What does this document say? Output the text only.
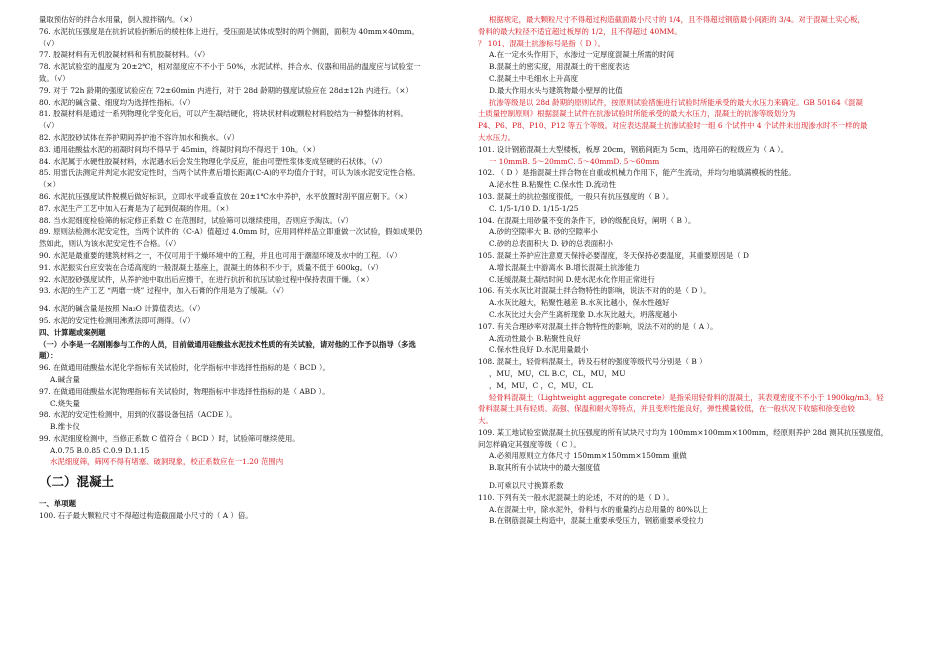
量取预估好的拌合水用量，倒入搅拌锅内。（×）
76. 水泥抗压强度是在抗折试验折断后的棱柱体上进行，受压面是试体成型时的两个侧面，面积为 40mm×40mm。
（√）
77. 胶凝材料有无机胶凝材料和有机胶凝材料。（√）
78. 水泥试验室的温度为 20±2℃，相对湿度应不不小于 50%，水泥试样、拌合水、仪器和用品的温度应与试验室一
致。（√）
79. 对于 72h 龄期的强度试验应在 72±60min 内进行，对于 28d 龄期的强度试验应在 28d±12h 内进行。（×）
80. 水泥的碱含量、细度均为选择性指标。（√）
81. 胶凝材料是通过一系列物理化学变化后，可以产生凝结硬化，将块状材料或颗粒材料胶结为一种整体的材料。
（√）
82. 水泥胶砂试体在养护期间养护池不容许加水和换水。（√）
83. 通用硅酸盐水泥的初凝时间均不得早于 45min，终凝时间均不得迟于 10h。（×）
84. 水泥属于水硬性胶凝材料，水泥遇水后会发生物理化学反应，能由可塑性浆体变成坚硬的石状体。（√）
85. 用雷氏法测定并判定水泥安定性时，当两个试件煮后增长距离(C-A)的平均值介于时，可认为该水泥安定性合格。
（×）
86. 水泥抗压强度试件脱模后做好标识，立即水平或垂直放在 20±1℃水中养护，水平放置时刮平面应朝下。（×）
87. 水泥生产工艺中加入石膏是为了起到促凝的作用。（×）
88. 当水泥细度检验筛的标定修正系数 C 在范围时，试验筛可以继续使用，否则应予淘汰。（√）
89. 原则法检测水泥安定性，当两个试件的（C-A）值超过 4.0mm 时，应用同样样品立即重做一次试验，假如成果仍
然如此，则认为该水泥安定性不合格。（√）
90. 水泥是最重要的建筑材料之一，不仅可用于干燥环境中的工程，并且也可用于潮湿环境及水中的工程。（√）
91. 水泥振实台应安装在合适高度的一般混凝土基座上，混凝土的体积不少于，质量不低于 600kg。（√）
92. 水泥胶砂强度试件，从养护池中取出后应擦干，在进行抗折和抗压试验过程中保持表面干燥。（×）
93. 水泥的生产工艺 “两磨一烧” 过程中，加入石膏的作用是为了缓凝。（√）
94. 水泥的碱含量是按照 Na₂O 计算值表达。（√）
95. 水泥的安定性检测用沸煮法即可测得。（√）
四、计算题或案例题
（一）小李是一名刚刚参与工作的人员，目前做通用硅酸盐水泥技术性质的有关试验，请对他的工作予以指导（多选
题）：
96. 在做通用硅酸盐水泥化学指标有关试验时，化学指标中非选择性指标的是（ BCD ）。
A.碱含量
97. 在做通用硅酸盐水泥物理指标有关试验时，物理指标中非选择性指标的是（ ABD ）。
C.烧失量
98. 水泥的安定性检测中，用到的仪器设备包括（ACDE ）。
B.维卡仪
99. 水泥细度检测中，当修正系数 C 值符合（ BCD ）时，试验筛可继续使用。
A.0.75 B.0.85 C.0.9 D.1.15
水泥细度筛，筛网不得有堵塞、破洞现象，校正系数应在一1.20 范围内
（二）混凝土
一、单项题
100. 石子最大颗粒尺寸不得超过构造截面最小尺寸的（ A ）倍。
根据规定，最大颗粒尺寸不得超过构造截面最小尺寸的 1/4，且不得超过钢筋最小间距的 3/4。对于混凝土实心板，
骨料的最大粒径不适宜超过板厚的 1/2，且不得超过 40MM。
？ 101、混凝土抗渗标号是指（ D ）。
A.在一定水头作用下，水渗过一定厚度混凝土所需的时间
B.混凝土的密实度，用混凝土的干密度表达
C.混凝土中毛细水上升高度
D.最大作用水头与建筑物最小壁厚的比值
抗渗等级是以 28d 龄期的原则试件，按原则试验措施进行试验时所能承受的最大水压力来确定。GB 50164《混凝
土质量控制原则》根据混凝土试件在抗渗试验时所能承受的最大水压力，混凝土的抗渗等级划分为
P4、P6、P8、P10、P12 等五个等级。对应表达混凝土抗渗试验时一组 6 个试件中 4 个试件未出现渗水时不一样的最
大水压力。
101. 设计钢筋混凝土大型楼板，板厚 20cm，钢筋间距为 5cm，选用碎石的粒级应为（ A ）。
一 10mmB. 5～20mmC. 5～40mmD. 5～60mm
102. （ D ）是指混凝土拌合物在自重或机械力作用下，能产生流动，并均匀地填满模板的性能。
A.泌水性 B.粘聚性 C.保水性 D.流动性
103. 混凝土的抗拉强度很低，一般只有抗压强度的（ B ）。
C. 1/5-1/10 D. 1/15-1/25
104. 在混凝土用砂量不变的条件下，砂的级配良好，阐明（ B ）。
A.砂的空隙率大 B. 砂的空隙率小
C.砂的总表面积大 D. 砂的总表面积小
105. 混凝土养护应注意夏天保持必要湿度，冬天保持必要温度，其重要原因是（ D
A.增长混凝土中游离水 B.增长混凝土抗渗能力
C.延缓混凝土凝结时间 D.使水泥水化作用正常进行
106. 有关水灰比对混凝土拌合物特性的影响，说法不对的的是（ D ）。
A.水灰比越大，粘聚性越差 B.水灰比越小，保水性越好
C.水灰比过大会产生离析现象 D.水灰比越大，坍落度越小
107. 有关合理砂率对混凝土拌合物特性的影响，说法不对的的是（ A ）。
A.流动性最小 B.粘聚性良好
C.保水性良好 D.水泥用量最小
108. 混凝土，轻骨料混凝土，砖及石材的强度等级代号分别是（ B ）
，MU，MU，CL B.C，CL，MU，MU
，M，MU，C ，C，MU，CL
轻骨料混凝土（Lightweight aggregate concrete）是指采用轻骨料的混凝土，其表观密度不不小于 1900kg/m3。轻
骨料混凝土具有轻质、高强、保温和耐火等特点，并且变形性能良好，弹性模量较低，在一般状况下收缩和徐变也较
大。
109. 某工地试验室做混凝土抗压强度的所有试块尺寸均为 100mm×100mm×100mm，经原则养护 28d 测其抗压强度值，
问怎样确定其强度等级（ C ）。
A.必须用原则立方体尺寸 150mm×150mm×150mm 重做
B.取其所有小试块中的最大强度值
D.可乘以尺寸换算系数
110. 下列有关一般水泥混凝土的论述，不对的的是（ D ）。
A.在混凝土中，除水泥外，骨料与水的重量约占总用量的 80%以上
B.在钢筋混凝土构造中，混凝土重要承受压力，钢筋重要承受拉力
